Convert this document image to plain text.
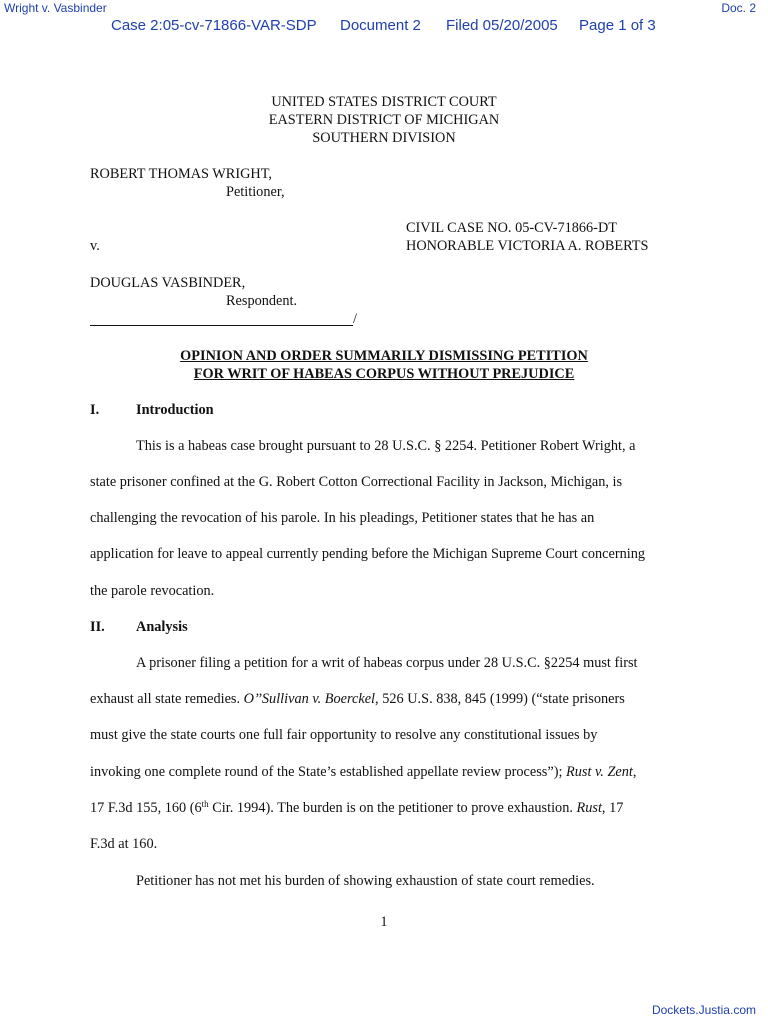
Wright v. Vasbinder	Doc. 2
Case 2:05-cv-71866-VAR-SDP Document 2 Filed 05/20/2005 Page 1 of 3
UNITED STATES DISTRICT COURT
EASTERN DISTRICT OF MICHIGAN
SOUTHERN DIVISION
ROBERT THOMAS WRIGHT,
Petitioner,
CIVIL CASE NO. 05-CV-71866-DT
v.	HONORABLE VICTORIA A. ROBERTS
DOUGLAS VASBINDER,
Respondent.
/
OPINION AND ORDER SUMMARILY DISMISSING PETITION
FOR WRIT OF HABEAS CORPUS WITHOUT PREJUDICE
I.	Introduction
This is a habeas case brought pursuant to 28 U.S.C. § 2254. Petitioner Robert Wright, a
state prisoner confined at the G. Robert Cotton Correctional Facility in Jackson, Michigan, is
challenging the revocation of his parole. In his pleadings, Petitioner states that he has an
application for leave to appeal currently pending before the Michigan Supreme Court concerning
the parole revocation.
II. Analysis
A prisoner filing a petition for a writ of habeas corpus under 28 U.S.C. §2254 must first
exhaust all state remedies. O’’Sullivan v. Boerckel, 526 U.S. 838, 845 (1999) (“state prisoners
must give the state courts one full fair opportunity to resolve any constitutional issues by
invoking one complete round of the State’s established appellate review process”); Rust v. Zent,
17 F.3d 155, 160 (6th Cir. 1994). The burden is on the petitioner to prove exhaustion. Rust, 17
F.3d at 160.
Petitioner has not met his burden of showing exhaustion of state court remedies.
1
Dockets.Justia.com
